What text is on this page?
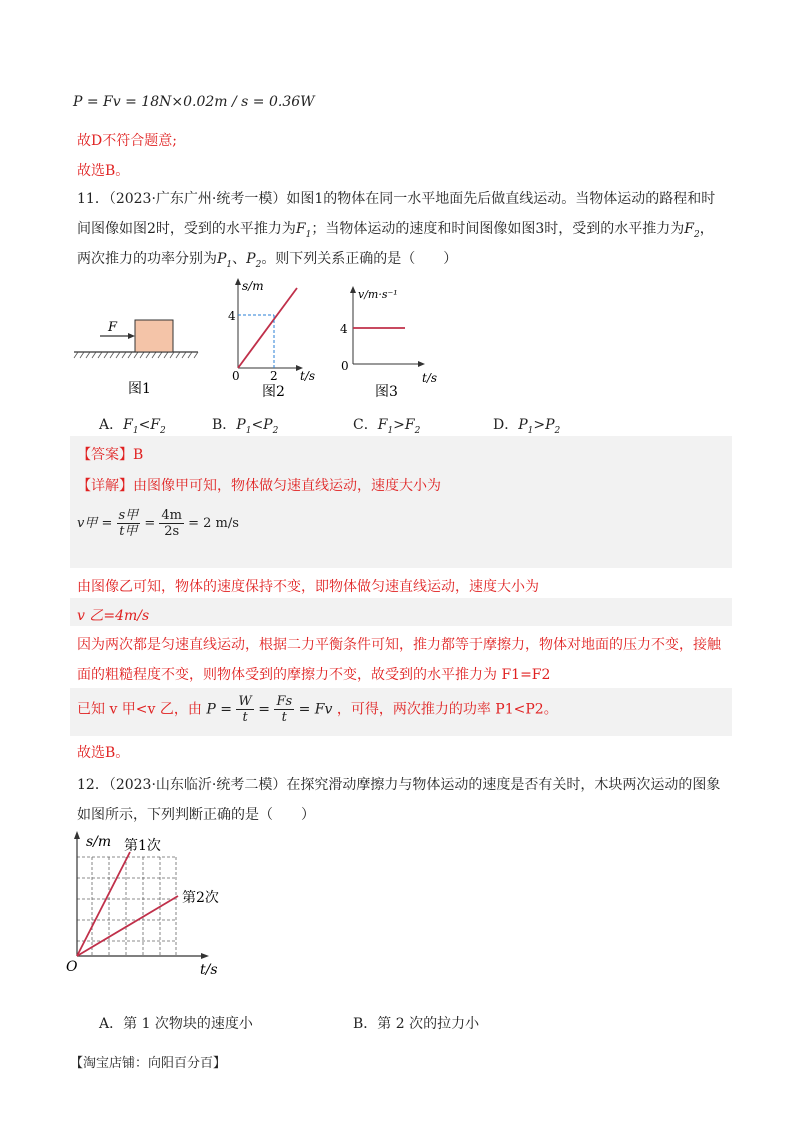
P = Fv = 18N×0.02m / s = 0.36W
故D不符合题意;
故选B。
11．（2023·广东广州·统考一模）如图1的物体在同一水平地面先后做直线运动。当物体运动的路程和时
间图像如图2时，受到的水平推力为$F_1$；当物体运动的速度和时间图像如图3时，受到的水平推力为$F_2$，
两次推力的功率分别为$P_1$、$P_2$。则下列关系正确的是（　　）
F
图1
s/m
4
2
0	t/s
图2
v/m·s⁻¹
4
0
t/s
图3
A．$F_1<F_2$	B．$P_1<P_2$	C．$F_1>F_2$	D．$P_1>P_2$
【答案】B
【详解】由图像甲可知，物体做匀速直线运动，速度大小为
v甲 = $\frac{\text{s甲}}{\text{t甲}} = \frac{4m}{2s} = 2$ m/s
由图像乙可知，物体的速度保持不变，即物体做匀速直线运动，速度大小为
v 乙=4m/s
因为两次都是匀速直线运动，根据二力平衡条件可知，推力都等于摩擦力，物体对地面的压力不变，接触
面的粗糙程度不变，则物体受到的摩擦力不变，故受到的水平推力为 F1=F2
已知 v 甲<v 乙，由 $P = \frac{W}{t} = \frac{Fs}{t} = Fv$ ，可得，两次推力的功率 P1<P2。
故选B。
12．（2023·山东临沂·统考二模）在探究滑动摩擦力与物体运动的速度是否有关时，木块两次运动的图象
如图所示，下列判断正确的是（　　）
s/m 第1次
第2次
O	t/s
A．第 1 次物块的速度小	B．第 2 次的拉力小
【淘宝店铺：向阳百分百】
